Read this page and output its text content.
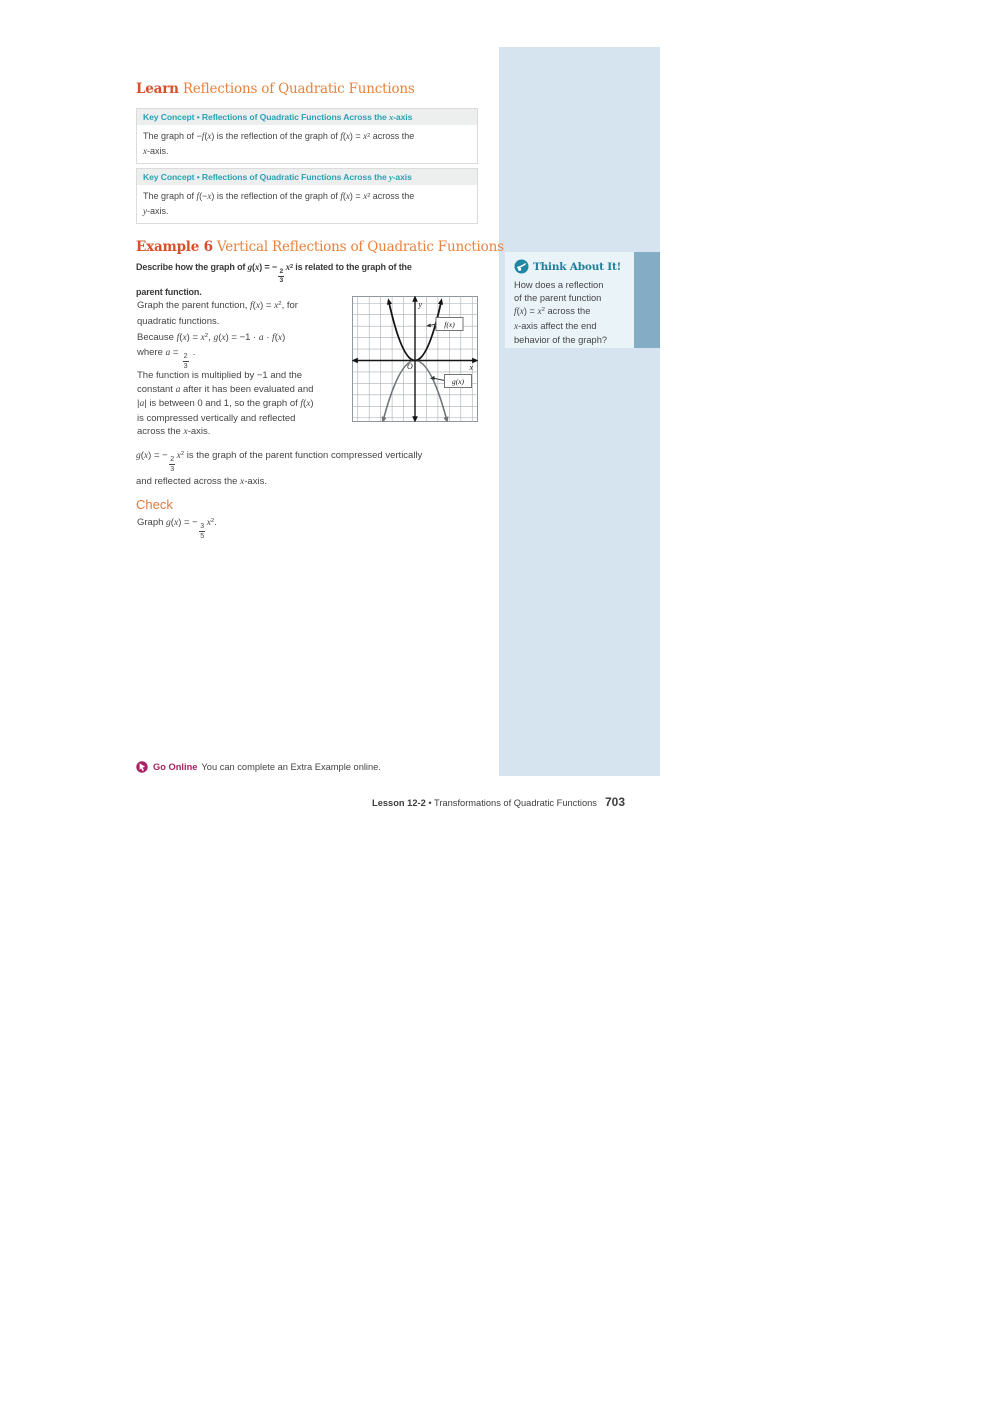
Learn Reflections of Quadratic Functions
Key Concept • Reflections of Quadratic Functions Across the x-axis
The graph of −f(x) is the reflection of the graph of $f(x) = x^2$ across the
x-axis.
Key Concept • Reflections of Quadratic Functions Across the y-axis
The graph of f(−x) is the reflection of the graph of $f(x) = x^2$ across the
y-axis.
Example 6 Vertical Reflections of Quadratic Functions
Describe how the graph of g(x) = −
$\frac{2}{3}$
$x^2$ is related to the graph of the
parent function.
Graph the parent function, $f(x) = x^2$, for
quadratic functions.
Because $f(x) = x^2$, g(x) = −1 · a · f(x)
where a =
$\frac{2}{3}$
.
The function is multiplied by −1 and the
constant a after it has been evaluated and
|a| is between 0 and 1, so the graph of f(x)
is compressed vertically and reflected
across the x-axis.
g(x) = −
$\frac{2}{3} x^2$ is the graph of the parent function compressed vertically
and reflected across the x-axis.
y
x
O
f(x)
g(x)
Think About It!
How does a reflection
of the parent function
$f(x) = x^2$ across the
x-axis affect the end
behavior of the graph?
Check
Graph g(x) = −
$\frac{3}{5} x^2$.
Go Online You can complete an Extra Example online.
Lesson 12-2 • Transformations of Quadratic Functions 703
